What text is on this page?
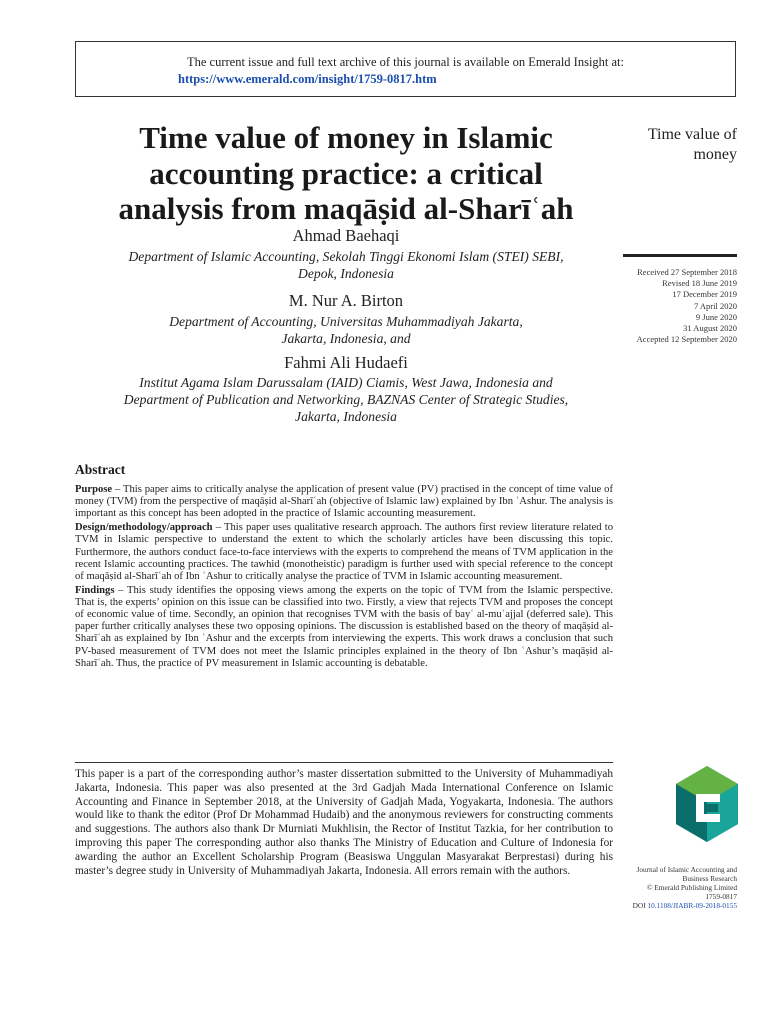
The current issue and full text archive of this journal is available on Emerald Insight at:
https://www.emerald.com/insight/1759-0817.htm
Time value of money in Islamic
accounting practice: a critical
analysis from maqāṣid al-Sharīʿah
Time value of
money
Received 27 September 2018
Revised 18 June 2019
17 December 2019
7 April 2020
9 June 2020
31 August 2020
Accepted 12 September 2020
Ahmad Baehaqi
Department of Islamic Accounting, Sekolah Tinggi Ekonomi Islam (STEI) SEBI,
Depok, Indonesia
M. Nur A. Birton
Department of Accounting, Universitas Muhammadiyah Jakarta,
Jakarta, Indonesia, and
Fahmi Ali Hudaefi
Institut Agama Islam Darussalam (IAID) Ciamis, West Jawa, Indonesia and
Department of Publication and Networking, BAZNAS Center of Strategic Studies,
Jakarta, Indonesia
Abstract

Purpose – This paper aims to critically analyse the application of present value (PV) practised in the concept of time value of money (TVM) from the perspective of maqāṣid al-Sharīʿah (objective of Islamic law) explained by Ibn ʿAshur. The analysis is important as this concept has been adopted in the practice of Islamic accounting measurement.

Design/methodology/approach – This paper uses qualitative research approach. The authors first review literature related to TVM in Islamic perspective to understand the extent to which the scholarly articles have been discussing this topic. Furthermore, the authors conduct face-to-face interviews with the experts to comprehend the means of TVM application in the recent Islamic accounting practices. The tawhid (monotheistic) paradigm is further used with special reference to the concept of maqāṣid al-Sharīʿah of Ibn ʿAshur to critically analyse the practice of TVM in Islamic accounting measurement.

Findings – This study identifies the opposing views among the experts on the topic of TVM from the Islamic perspective. That is, the experts’ opinion on this issue can be classified into two. Firstly, a view that rejects TVM and proposes the concept of economic value of time. Secondly, an opinion that recognises TVM with the basis of bayʿ al-muʾajjal (deferred sale). This paper further critically analyses these two opposing opinions. The discussion is established based on the theory of maqāṣid al-Sharīʿah as explained by Ibn ʿAshur and the excerpts from interviewing the experts. This work draws a conclusion that such PV-based measurement of TVM does not meet the Islamic principles explained in the theory of Ibn ʿAshur’s maqāṣid al-Sharīʿah. Thus, the practice of PV measurement in Islamic accounting is debatable.

This paper is a part of the corresponding author’s master dissertation submitted to the University of Muhammadiyah Jakarta, Indonesia. This paper was also presented at the 3rd Gadjah Mada International Conference on Islamic Accounting and Finance in September 2018, at the University of Gadjah Mada, Yogyakarta, Indonesia. The authors would like to thank the editor (Prof Dr Mohammad Hudaib) and the anonymous reviewers for constructing comments and suggestions. The authors also thank Dr Murniati Mukhlisin, the Rector of Institut Tazkia, for her contribution to improving this paper The corresponding author also thanks The Ministry of Education and Culture of Indonesia for awarding the author an Excellent Scholarship Program (Beasiswa Unggulan Masyarakat Berprestasi) during his master’s degree study in University of Muhammadiyah Jakarta, Indonesia. All errors remain with the authors.	Journal of Islamic Accounting and
Business Research
© Emerald Publishing Limited
1759-0817
DOI 10.1108/JIABR-09-2018-0155
